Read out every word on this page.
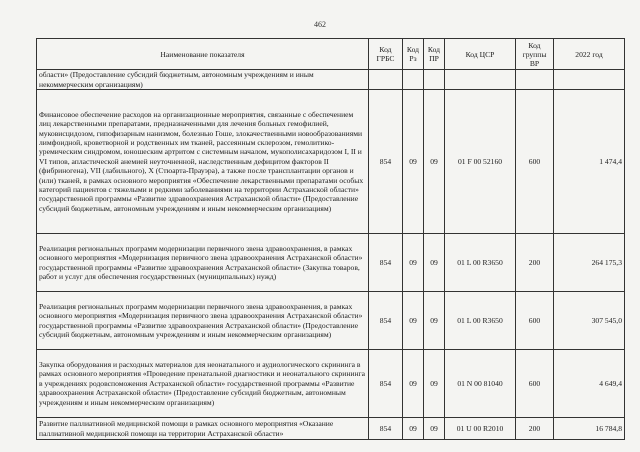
462
Наименование показателя	Код ГРБС	Код Рз	Код ПР	Код ЦСР	Код группы ВР	2022 год
области» (Предоставление субсидий бюджетным, автономным учреждениям и иным некоммерческим организациям)						
Финансовое обеспечение расходов на организационные мероприятия, связанные с обеспечением лиц лекарственными препаратами, предназначенными для лечения больных гемофилией, муковисцидозом, гипофизарным нанизмом, болезнью Гоше, злокачественными новообразованиями лимфоидной, кроветворной и родственных им тканей, рассеянным склерозом, гемолитико-уремическим синдромом, юношеским артритом с системным началом, мукополисахаридозом I, II и VI типов, апластической анемией неуточненной, наследственным дефицитом факторов II (фибриногена), VII (лабильного), X (Стюарта-Прауэра), а также после трансплантации органов и (или) тканей, в рамках основного мероприятия «Обеспечение лекарственными препаратами особых категорий пациентов с тяжелыми и редкими заболеваниями на территории Астраханской области» государственной программы «Развитие здравоохранения Астраханской области» (Предоставление субсидий бюджетным, автономным учреждениям и иным некоммерческим организациям)	854	09	09	01 F 00 52160	600	1 474,4
Реализация региональных программ модернизации первичного звена здравоохранения, в рамках основного мероприятия «Модернизация первичного звена здравоохранения Астраханской области» государственной программы «Развитие здравоохранения Астраханской области» (Закупка товаров, работ и услуг для обеспечения государственных (муниципальных) нужд)	854	09	09	01 L 00 R3650	200	264 175,3
Реализация региональных программ модернизации первичного звена здравоохранения, в рамках основного мероприятия «Модернизация первичного звена здравоохранения Астраханской области» государственной программы «Развитие здравоохранения Астраханской области» (Предоставление субсидий бюджетным, автономным учреждениям и иным некоммерческим организациям)	854	09	09	01 L 00 R3650	600	307 545,0
Закупка оборудования и расходных материалов для неонатального и аудиологического скрининга в рамках основного мероприятия «Проведение пренатальной диагностики и неонатального скрининга в учреждениях родовспоможения Астраханской области» государственной программы «Развитие здравоохранения Астраханской области» (Предоставление субсидий бюджетным, автономным учреждениям и иным некоммерческим организациям)	854	09	09	01 N 00 81040	600	4 649,4
Развитие паллиативной медицинской помощи в рамках основного мероприятия «Оказание паллиативной медицинской помощи на территории Астраханской области»	854	09	09	01 U 00 R2010	200	16 784,8
